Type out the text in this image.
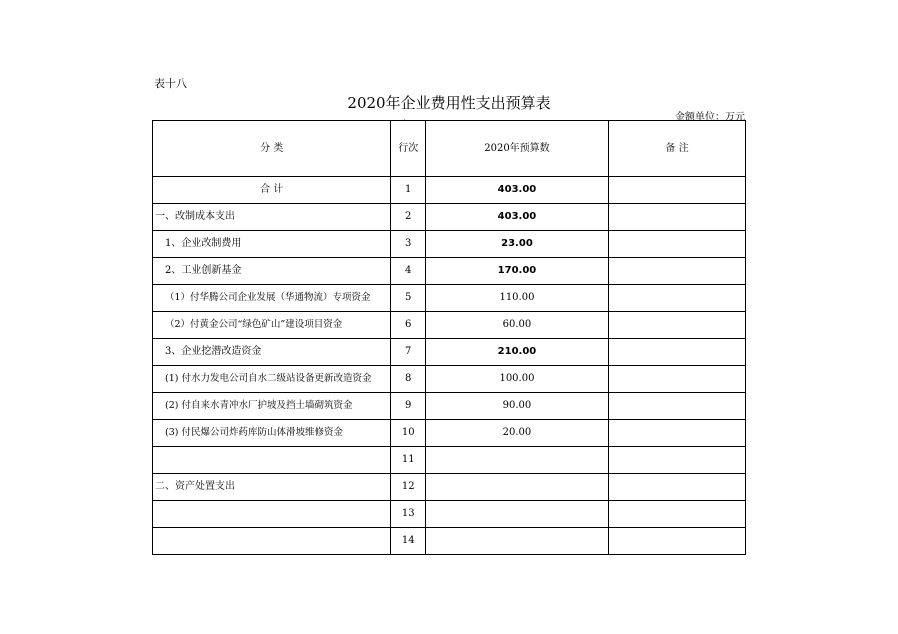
表十八
2020年企业费用性支出预算表
金额单位：万元
·
分 类	行次	2020年预算数	备 注
合 计	1	403.00	
一、改制成本支出	2	403.00	
1、企业改制费用	3	23.00	
2、工业创新基金	4	170.00	
（1）付华腾公司企业发展（华通物流）专项资金	5	110.00	
（2）付黄金公司“绿色矿山”建设项目资金	6	60.00	
3、企业挖潜改造资金	7	210.00	
(1) 付水力发电公司自水二级站设备更新改造资金	8	100.00	
(2) 付自来水青冲水厂护坡及挡土墙砌筑资金	9	90.00	
(3) 付民爆公司炸药库防山体滑坡维修资金	10	20.00	
	11		
二、资产处置支出	12		
	13		
	14		
